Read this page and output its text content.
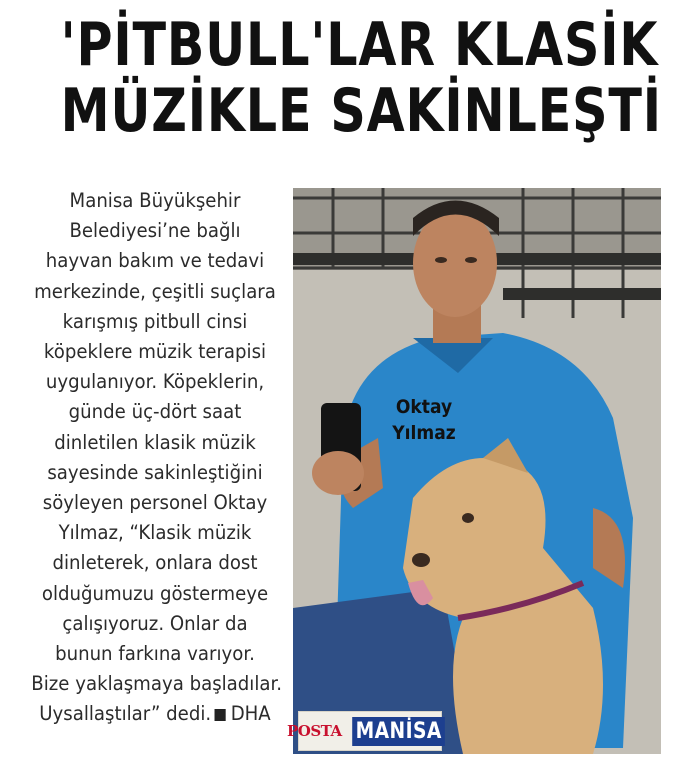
'PİTBULL'LAR KLASİK
MÜZİKLE SAKİNLEŞTİ
Manisa Büyükşehir
Belediyesi’ne bağlı
hayvan bakım ve tedavi
merkezinde, çeşitli suçlara
karışmış pitbull cinsi
köpeklere müzik terapisi
uygulanıyor. Köpeklerin,
günde üç-dört saat
dinletilen klasik müzik
sayesinde sakinleştiğini
söyleyen personel Oktay
Yılmaz, “Klasik müzik
dinleterek, onlara dost
olduğumuzu göstermeye
çalışıyoruz. Onlar da
bunun farkına varıyor.
Bize yaklaşmaya başladılar.
Uysallaştılar” dedi. DHA
Oktay
Yılmaz
POSTA MANİSA
